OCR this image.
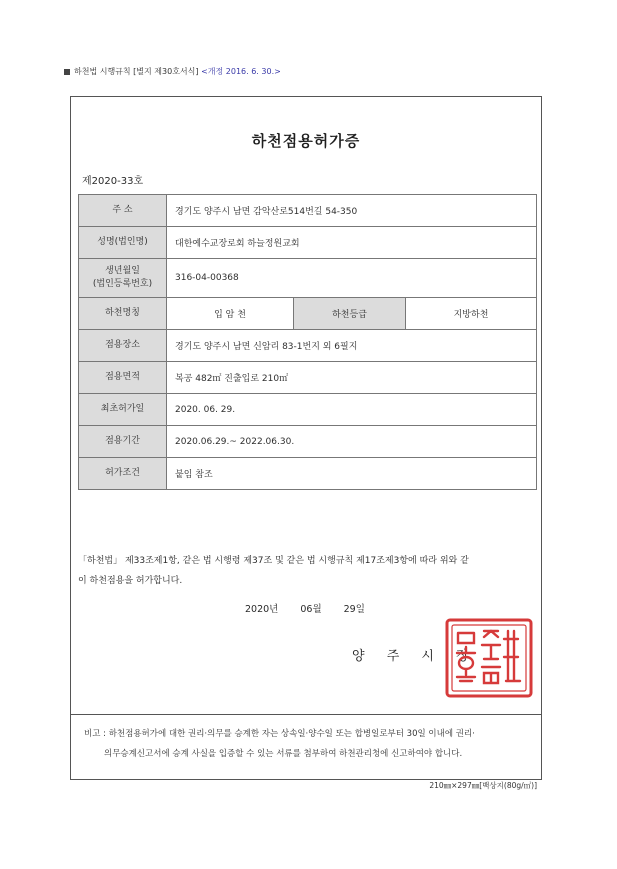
하천법 시행규칙 [별지 제30호서식] <개정 2016. 6. 30.>
하천점용허가증
제2020-33호
주 소	경기도 양주시 남면 감악산로514번길 54-350		
성명(법인명)	대한예수교장로회 하늘정원교회		
생년월일
(법인등록번호)	316-04-00368		
하천명칭	입 암 천	하천등급	지방하천
점용장소	경기도 양주시 남면 신암리 83-1번지 외 6필지		
점용면적	복공 482㎡ 진출입로 210㎡		
최초허가일	2020. 06. 29.		
점용기간	2020.06.29.~ 2022.06.30.		
허가조건	붙임 참조		
「하천법」 제33조제1항, 같은 법 시행령 제37조 및 같은 법 시행규칙 제17조제3항에 따라 위와 같
이 하천점용을 허가합니다.
2020년 06월 29일
양 주 시 장
비고 : 하천점용허가에 대한 권리·의무를 승계한 자는 상속일·양수일 또는 합병일로부터 30일 이내에 권리·
의무승계신고서에 승계 사실을 입증할 수 있는 서류를 첨부하여 하천관리청에 신고하여야 합니다.
210㎜×297㎜[백상지(80g/㎡)]
